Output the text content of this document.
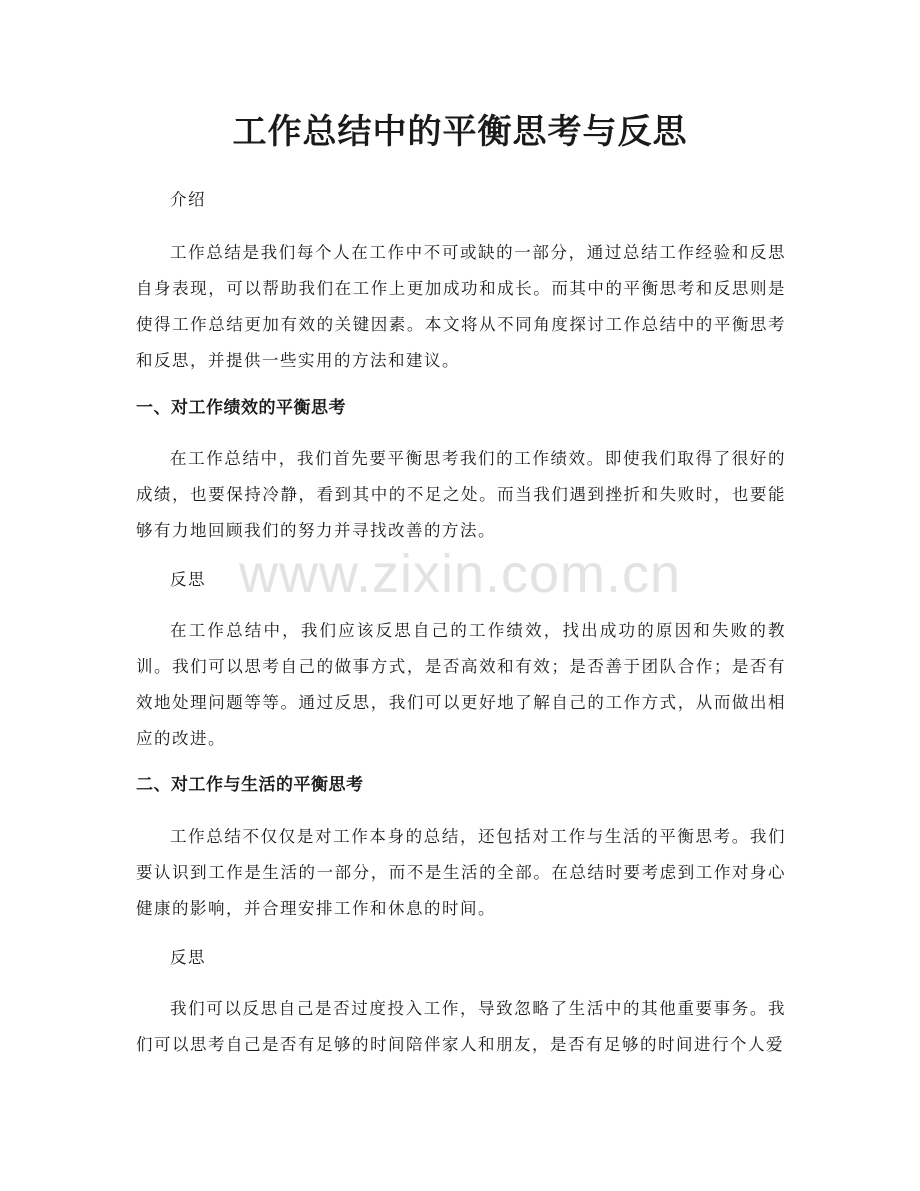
www.zixin.com.cn
工作总结中的平衡思考与反思

介绍

工作总结是我们每个人在工作中不可或缺的一部分，通过总结工作经验和反思自身表现，可以帮助我们在工作上更加成功和成长。而其中的平衡思考和反思则是使得工作总结更加有效的关键因素。本文将从不同角度探讨工作总结中的平衡思考和反思，并提供一些实用的方法和建议。

一、对工作绩效的平衡思考

在工作总结中，我们首先要平衡思考我们的工作绩效。即使我们取得了很好的成绩，也要保持冷静，看到其中的不足之处。而当我们遇到挫折和失败时，也要能够有力地回顾我们的努力并寻找改善的方法。

反思

在工作总结中，我们应该反思自己的工作绩效，找出成功的原因和失败的教训。我们可以思考自己的做事方式，是否高效和有效；是否善于团队合作；是否有效地处理问题等等。通过反思，我们可以更好地了解自己的工作方式，从而做出相应的改进。

二、对工作与生活的平衡思考

工作总结不仅仅是对工作本身的总结，还包括对工作与生活的平衡思考。我们要认识到工作是生活的一部分，而不是生活的全部。在总结时要考虑到工作对身心健康的影响，并合理安排工作和休息的时间。

反思

我们可以反思自己是否过度投入工作，导致忽略了生活中的其他重要事务。我们可以思考自己是否有足够的时间陪伴家人和朋友，是否有足够的时间进行个人爱
